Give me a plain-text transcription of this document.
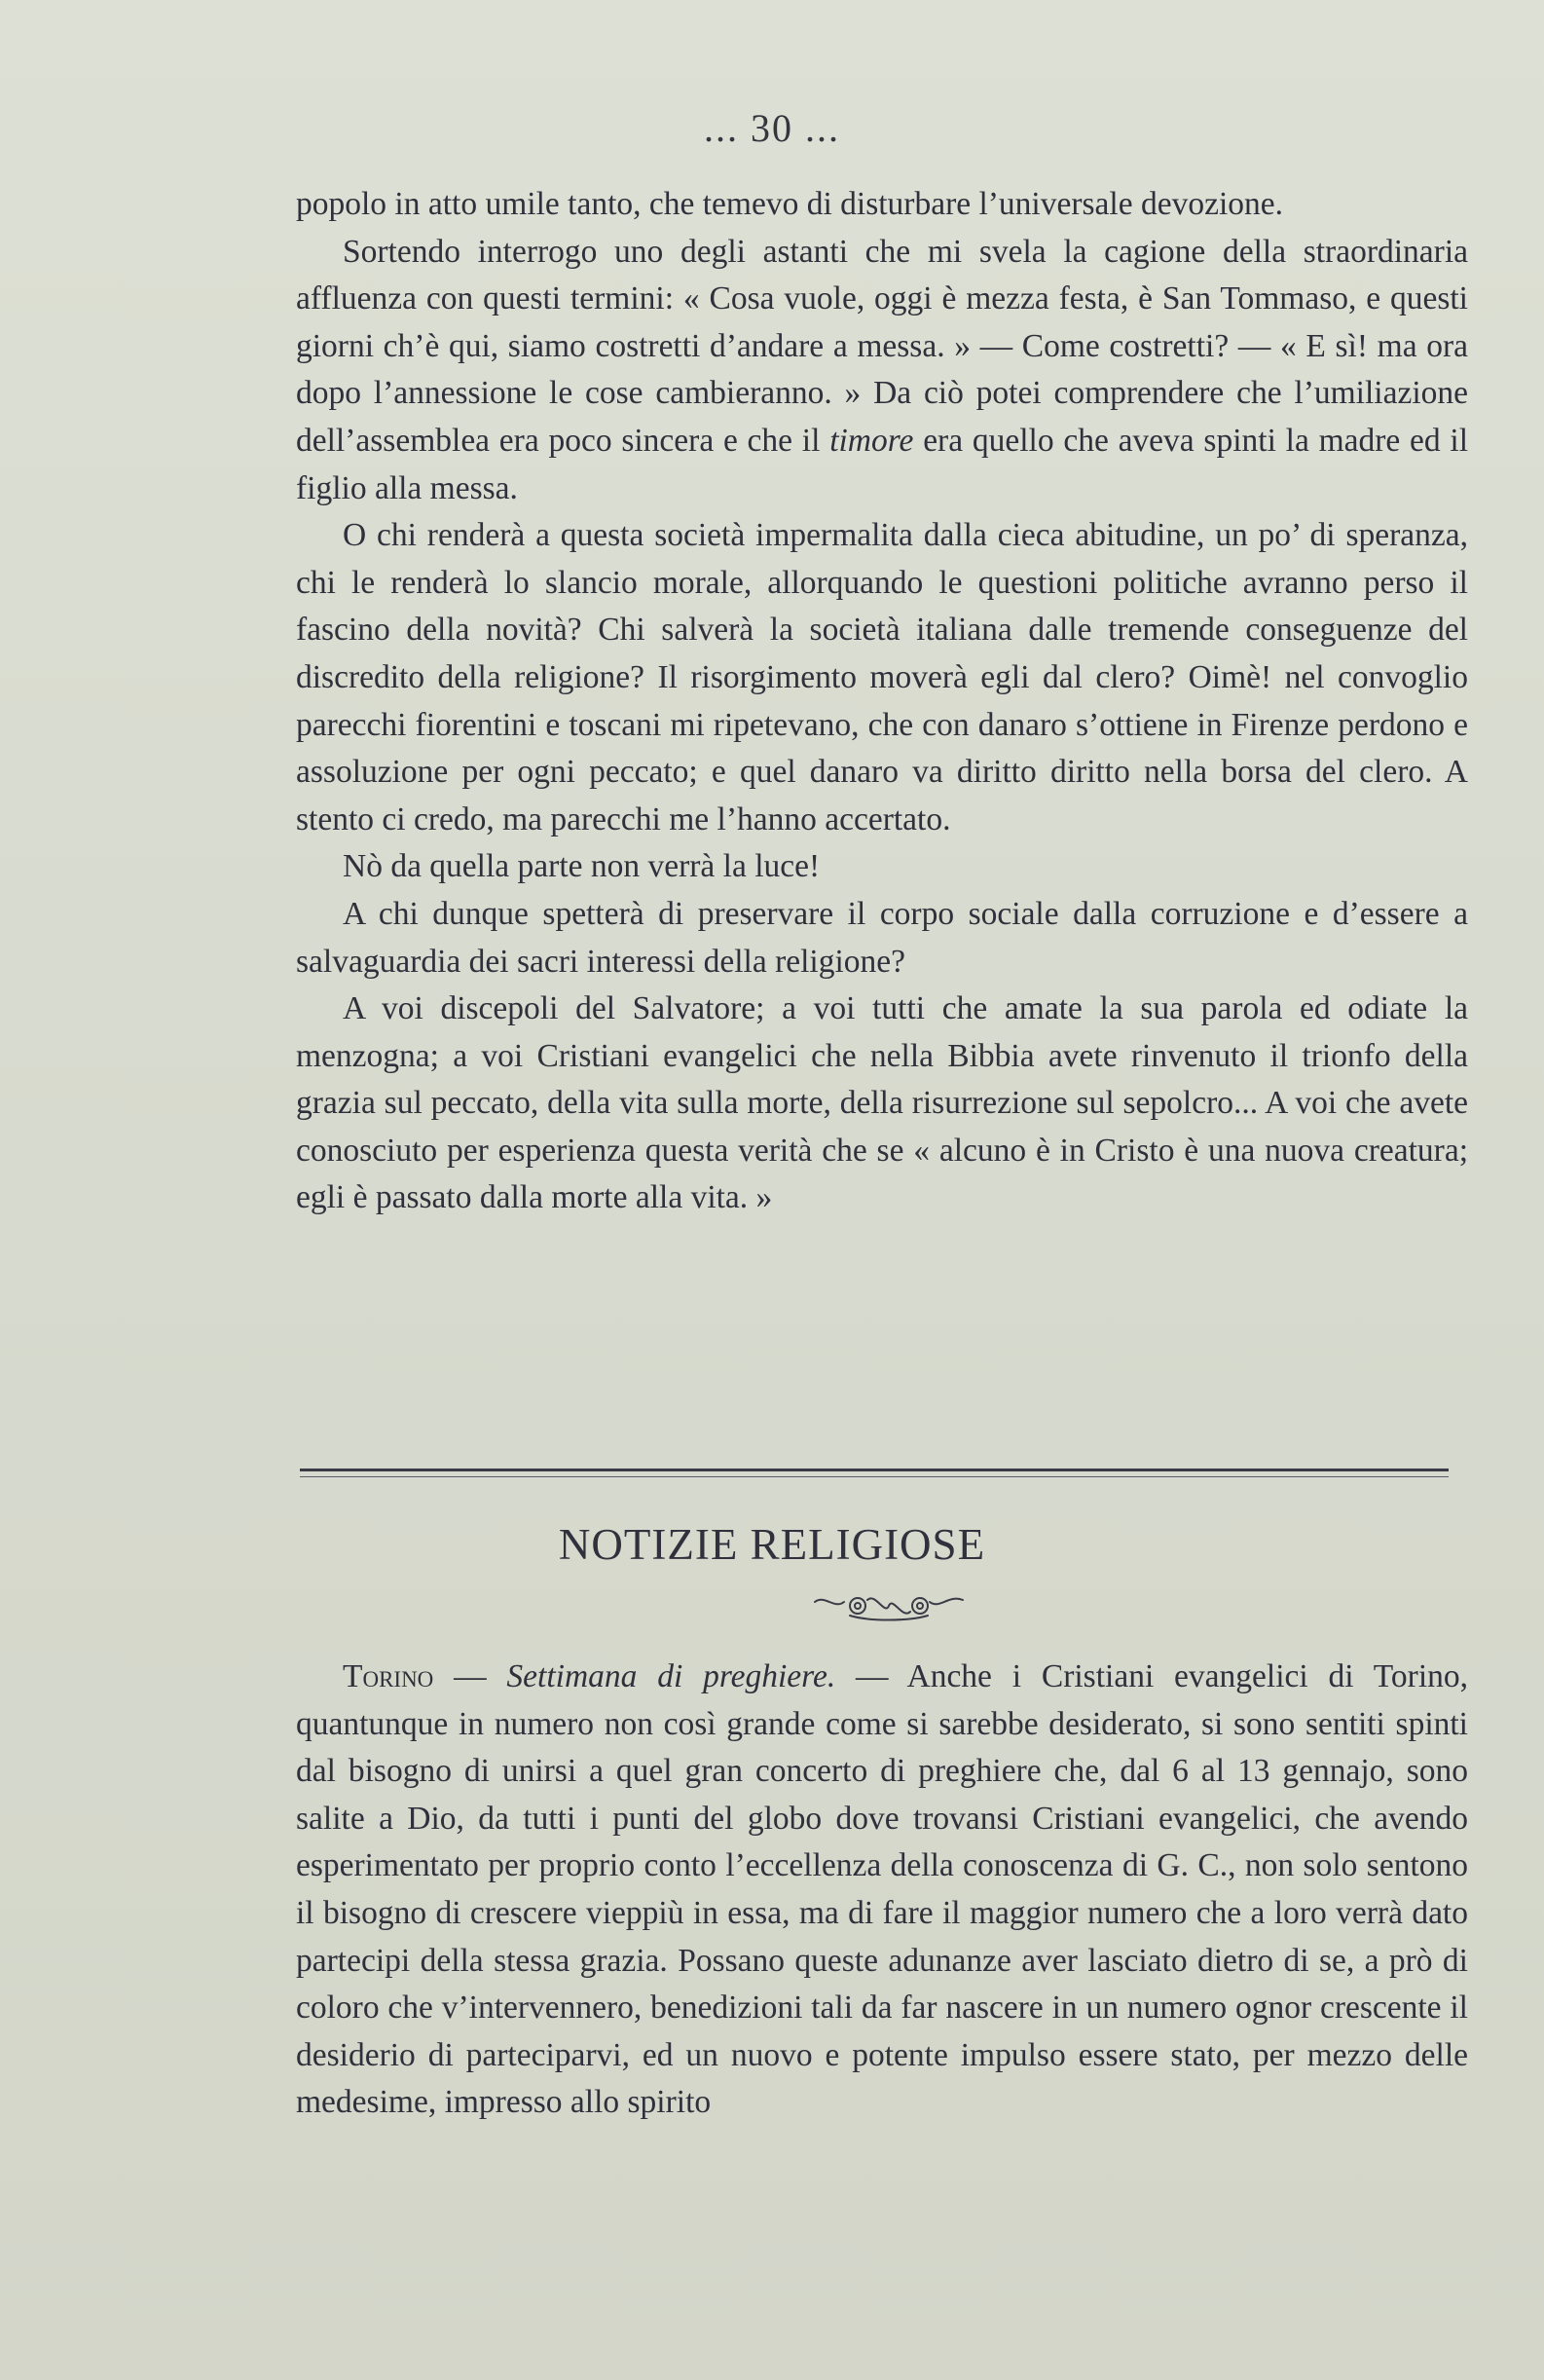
... 30 ...

popolo in atto umile tanto, che temevo di disturbare l’universale devozione.

Sortendo interrogo uno degli astanti che mi svela la cagione della straordinaria affluenza con questi termini: « Cosa vuole, oggi è mezza festa, è San Tommaso, e questi giorni ch’è qui, siamo costretti d’andare a messa. » — Come costretti? — « E sì! ma ora dopo l’annessione le cose cambieranno. » Da ciò potei comprendere che l’umiliazione dell’assemblea era poco sincera e che il timore era quello che aveva spinti la madre ed il figlio alla messa.

O chi renderà a questa società impermalita dalla cieca abitudine, un po’ di speranza, chi le renderà lo slancio morale, allorquando le questioni politiche avranno perso il fascino della novità? Chi salverà la società italiana dalle tremende conseguenze del discredito della religione? Il risorgimento moverà egli dal clero? Oimè! nel convoglio parecchi fiorentini e toscani mi ripetevano, che con danaro s’ottiene in Firenze perdono e assoluzione per ogni peccato; e quel danaro va diritto diritto nella borsa del clero. A stento ci credo, ma parecchi me l’hanno accertato.

Nò da quella parte non verrà la luce!

A chi dunque spetterà di preservare il corpo sociale dalla corruzione e d’essere a salvaguardia dei sacri interessi della religione?

A voi discepoli del Salvatore; a voi tutti che amate la sua parola ed odiate la menzogna; a voi Cristiani evangelici che nella Bibbia avete rinvenuto il trionfo della grazia sul peccato, della vita sulla morte, della risurrezione sul sepolcro... A voi che avete conosciuto per esperienza questa verità che se « alcuno è in Cristo è una nuova creatura; egli è passato dalla morte alla vita. »

NOTIZIE RELIGIOSE

Torino — Settimana di preghiere. — Anche i Cristiani evangelici di Torino, quantunque in numero non così grande come si sarebbe desiderato, si sono sentiti spinti dal bisogno di unirsi a quel gran concerto di preghiere che, dal 6 al 13 gennajo, sono salite a Dio, da tutti i punti del globo dove trovansi Cristiani evangelici, che avendo esperimentato per proprio conto l’eccellenza della conoscenza di G. C., non solo sentono il bisogno di crescere vieppiù in essa, ma di fare il maggior numero che a loro verrà dato partecipi della stessa grazia. Possano queste adunanze aver lasciato dietro di se, a prò di coloro che v’intervennero, benedizioni tali da far nascere in un numero ognor crescente il desiderio di parteciparvi, ed un nuovo e potente impulso essere stato, per mezzo delle medesime, impresso allo spirito
